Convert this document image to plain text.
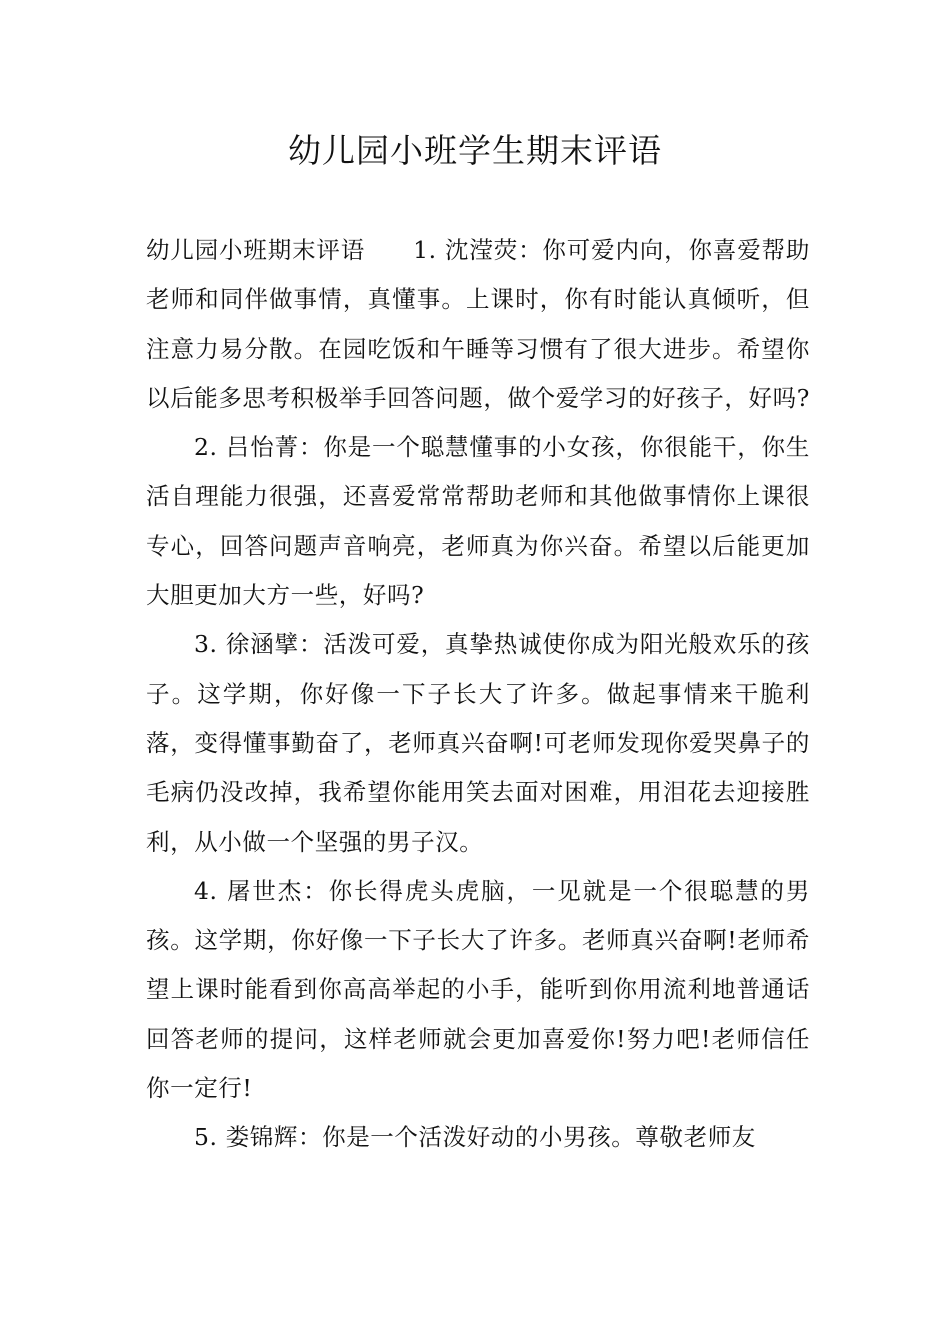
幼儿园小班学生期末评语

幼儿园小班期末评语 1. 沈滢荧：你可爱内向，你喜爱帮助老师和同伴做事情，真懂事。上课时，你有时能认真倾听，但注意力易分散。在园吃饭和午睡等习惯有了很大进步。希望你以后能多思考积极举手回答问题，做个爱学习的好孩子，好吗?

2. 吕怡菁：你是一个聪慧懂事的小女孩，你很能干，你生活自理能力很强，还喜爱常常帮助老师和其他做事情你上课很专心，回答问题声音响亮，老师真为你兴奋。希望以后能更加大胆更加大方一些，好吗?

3. 徐涵擘：活泼可爱，真挚热诚使你成为阳光般欢乐的孩子。这学期，你好像一下子长大了许多。做起事情来干脆利落，变得懂事勤奋了，老师真兴奋啊!可老师发现你爱哭鼻子的毛病仍没改掉，我希望你能用笑去面对困难，用泪花去迎接胜利，从小做一个坚强的男子汉。

4. 屠世杰：你长得虎头虎脑，一见就是一个很聪慧的男孩。这学期，你好像一下子长大了许多。老师真兴奋啊!老师希望上课时能看到你高高举起的小手，能听到你用流利地普通话回答老师的提问，这样老师就会更加喜爱你!努力吧!老师信任你一定行!

5. 娄锦辉：你是一个活泼好动的小男孩。尊敬老师友
